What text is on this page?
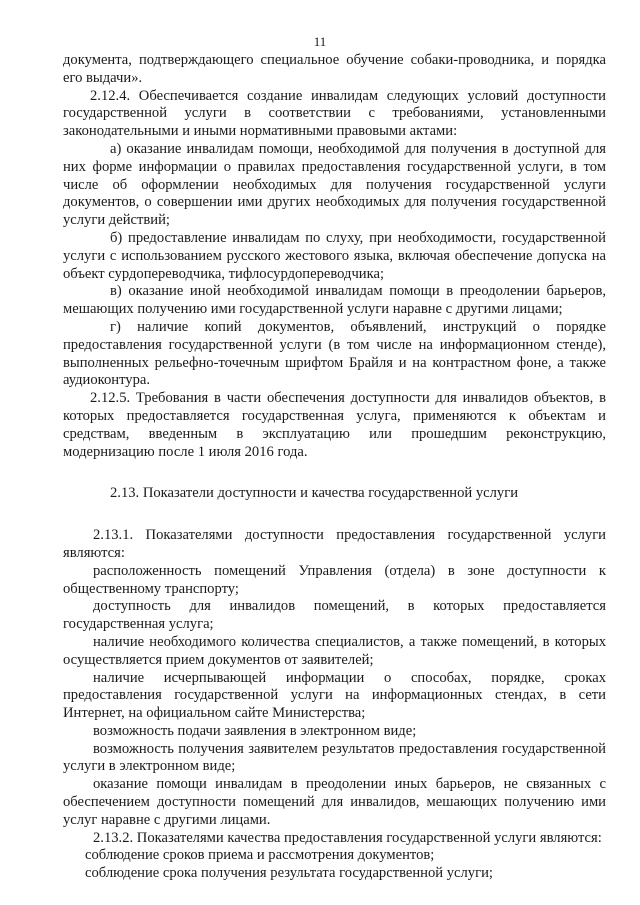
11

документа, подтверждающего специальное обучение собаки-проводника, и порядка его выдачи».

2.12.4. Обеспечивается создание инвалидам следующих условий доступности государственной услуги в соответствии с требованиями, установленными законодательными и иными нормативными правовыми актами:

а) оказание инвалидам помощи, необходимой для получения в доступной для них форме информации о правилах предоставления государственной услуги, в том числе об оформлении необходимых для получения государственной услуги документов, о совершении ими других необходимых для получения государственной услуги действий;

б) предоставление инвалидам по слуху, при необходимости, государственной услуги с использованием русского жестового языка, включая обеспечение допуска на объект сурдопереводчика, тифлосурдопереводчика;

в) оказание иной необходимой инвалидам помощи в преодолении барьеров, мешающих получению ими государственной услуги наравне с другими лицами;

г) наличие копий документов, объявлений, инструкций о порядке предоставления государственной услуги (в том числе на информационном стенде), выполненных рельефно-точечным шрифтом Брайля и на контрастном фоне, а также аудиоконтура.

2.12.5. Требования в части обеспечения доступности для инвалидов объектов, в которых предоставляется государственная услуга, применяются к объектам и средствам, введенным в эксплуатацию или прошедшим реконструкцию, модернизацию после 1 июля 2016 года.

2.13. Показатели доступности и качества государственной услуги

2.13.1. Показателями доступности предоставления государственной услуги являются:

расположенность помещений Управления (отдела) в зоне доступности к общественному транспорту;

доступность для инвалидов помещений, в которых предоставляется государственная услуга;

наличие необходимого количества специалистов, а также помещений, в которых осуществляется прием документов от заявителей;

наличие исчерпывающей информации о способах, порядке, сроках предоставления государственной услуги на информационных стендах, в сети Интернет, на официальном сайте Министерства;

возможность подачи заявления в электронном виде;

возможность получения заявителем результатов предоставления государственной услуги в электронном виде;

оказание помощи инвалидам в преодолении иных барьеров, не связанных с обеспечением доступности помещений для инвалидов, мешающих получению ими услуг наравне с другими лицами.

2.13.2. Показателями качества предоставления государственной услуги являются:

соблюдение сроков приема и рассмотрения документов;

соблюдение срока получения результата государственной услуги;
